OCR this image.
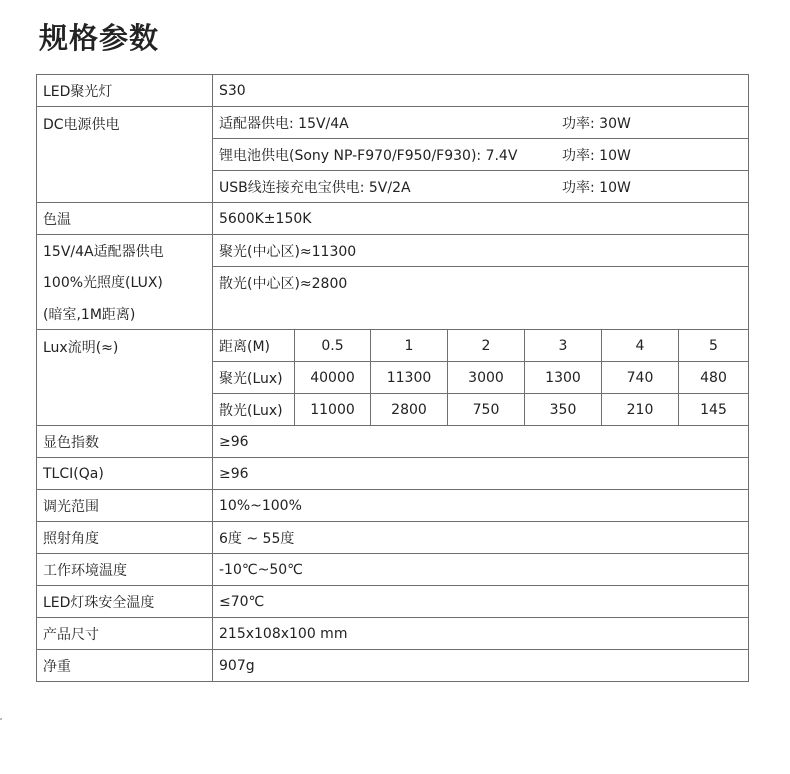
规格参数
LED聚光灯	S30						
DC电源供电	适配器供电: 15V/4A 功率: 30W						

	锂电池供电(Sony NP-F970/F950/F930): 7.4V 功率: 10W						

	USB线连接充电宝供电: 5V/2A 功率: 10W						

色温	5600K±150K						
15V/4A适配器供电	聚光(中心区)≈11300						
100%光照度(LUX)	散光(中心区)≈2800						
(暗室,1M距离)							
Lux流明(≈)	距离(M)	0.5	1	2	3	4	5
	聚光(Lux)	40000	11300	3000	1300	740	480
	散光(Lux)	11000	2800	750	350	210	145
显色指数	≥96						
TLCI(Qa)	≥96						
调光范围	10%~100%						
照射角度	6度 ~ 55度						
工作环境温度	-10℃~50℃						
LED灯珠安全温度	≤70℃						
产品尺寸	215x108x100 mm						
净重	907g						
